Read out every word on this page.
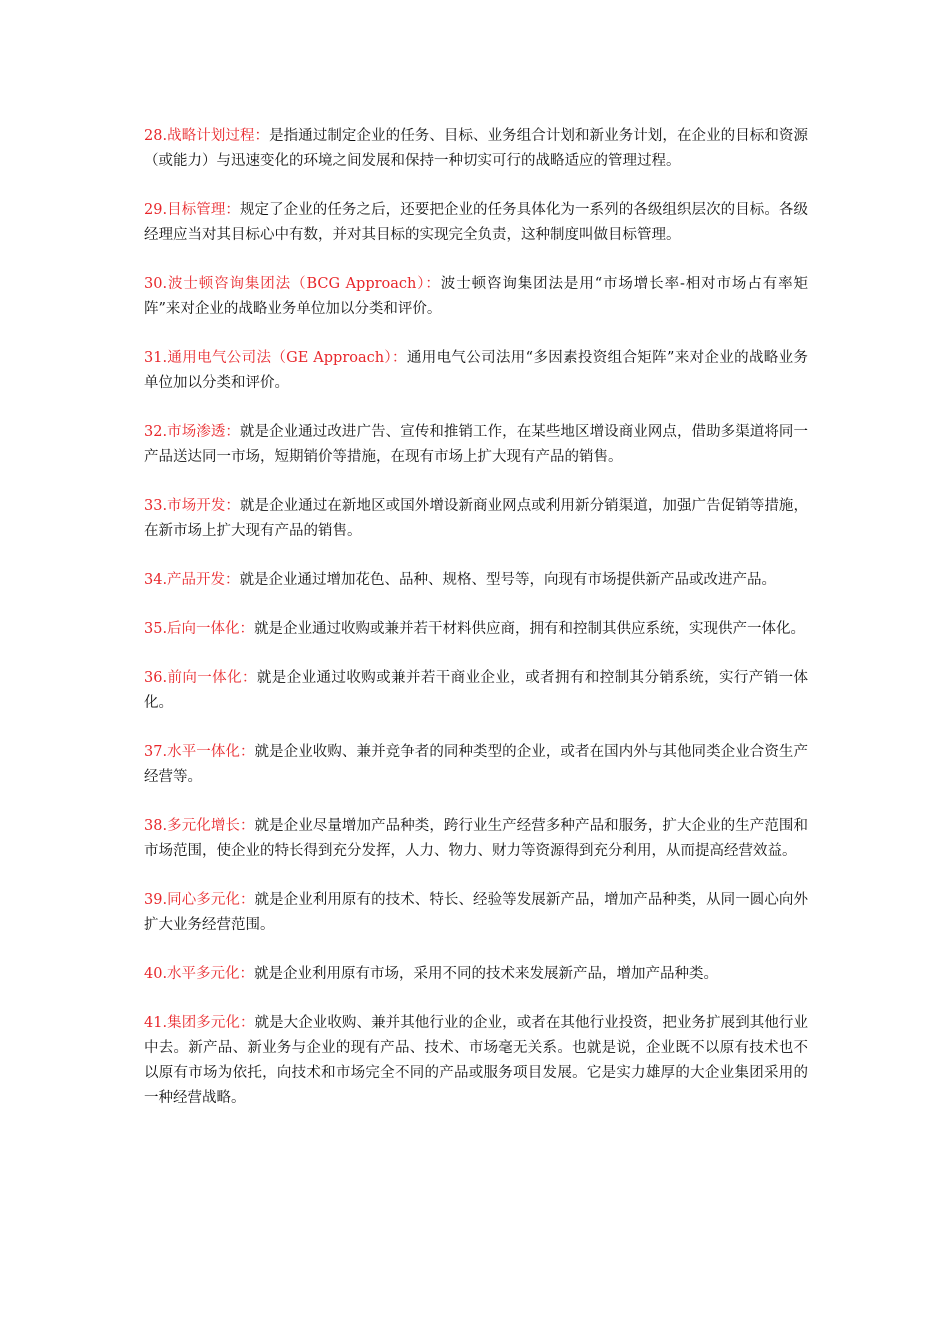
28.战略计划过程：是指通过制定企业的任务、目标、业务组合计划和新业务计划，在企业的目标和资源（或能力）与迅速变化的环境之间发展和保持一种切实可行的战略适应的管理过程。

29.目标管理：规定了企业的任务之后，还要把企业的任务具体化为一系列的各级组织层次的目标。各级经理应当对其目标心中有数，并对其目标的实现完全负责，这种制度叫做目标管理。

30.波士顿咨询集团法（BCG Approach）：波士顿咨询集团法是用“市场增长率-相对市场占有率矩阵”来对企业的战略业务单位加以分类和评价。

31.通用电气公司法（GE Approach）：通用电气公司法用“多因素投资组合矩阵”来对企业的战略业务单位加以分类和评价。

32.市场渗透：就是企业通过改进广告、宣传和推销工作，在某些地区增设商业网点，借助多渠道将同一产品送达同一市场，短期销价等措施，在现有市场上扩大现有产品的销售。

33.市场开发：就是企业通过在新地区或国外增设新商业网点或利用新分销渠道，加强广告促销等措施，在新市场上扩大现有产品的销售。

34.产品开发：就是企业通过增加花色、品种、规格、型号等，向现有市场提供新产品或改进产品。

35.后向一体化：就是企业通过收购或兼并若干材料供应商，拥有和控制其供应系统，实现供产一体化。

36.前向一体化：就是企业通过收购或兼并若干商业企业，或者拥有和控制其分销系统，实行产销一体化。

37.水平一体化：就是企业收购、兼并竞争者的同种类型的企业，或者在国内外与其他同类企业合资生产经营等。

38.多元化增长：就是企业尽量增加产品种类，跨行业生产经营多种产品和服务，扩大企业的生产范围和市场范围，使企业的特长得到充分发挥，人力、物力、财力等资源得到充分利用，从而提高经营效益。

39.同心多元化：就是企业利用原有的技术、特长、经验等发展新产品，增加产品种类，从同一圆心向外扩大业务经营范围。

40.水平多元化：就是企业利用原有市场，采用不同的技术来发展新产品，增加产品种类。

41.集团多元化：就是大企业收购、兼并其他行业的企业，或者在其他行业投资，把业务扩展到其他行业中去。新产品、新业务与企业的现有产品、技术、市场毫无关系。也就是说，企业既不以原有技术也不以原有市场为依托，向技术和市场完全不同的产品或服务项目发展。它是实力雄厚的大企业集团采用的一种经营战略。
